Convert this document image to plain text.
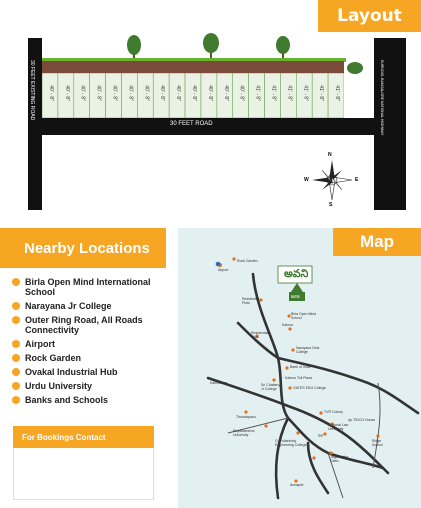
Layout
40' - 8" 40' - 8" 40' - 8" 40' - 8" 40' - 8" 40' - 8" 40' - 8" 40' - 8" 40' - 8" 40' - 8" 40' - 8" 40' - 8" 40' - 8" 41' - 8" 41' - 8" 41' - 8" 41' - 8" 41' - 8" 41' - 8"
30 FEET EXISTING ROAD	KURNOOL BANGALORE NATIONAL HIGHWAY
30 FEET ROAD
N
S
E
W
Nearby Locations
Birla Open Mind International School
Narayana Jr College
Outer Ring Road, All Roads Connectivity
Airport
Rock Garden
Ovakal Industrial Hub
Urdu University
Banks and Schools
For Bookings Contact
అవని
SITE
Airport
Rock Garden
Residential Plots
Residential Plots
Birla Open Mind School
Kalmur
Narayana Girls College
Bank of India
Kalmur Toll Plaza
Kalmurrum	Sri Chaitanya Jr College	GATES ENG College
TVR Colony
Ap TIDCO House
National Law University
Thondapadu
Rayalaseema University
G. Pullareddy Engineering College
RR
Jagannatha Gattu
Ridge School
Ikonapet
Map
